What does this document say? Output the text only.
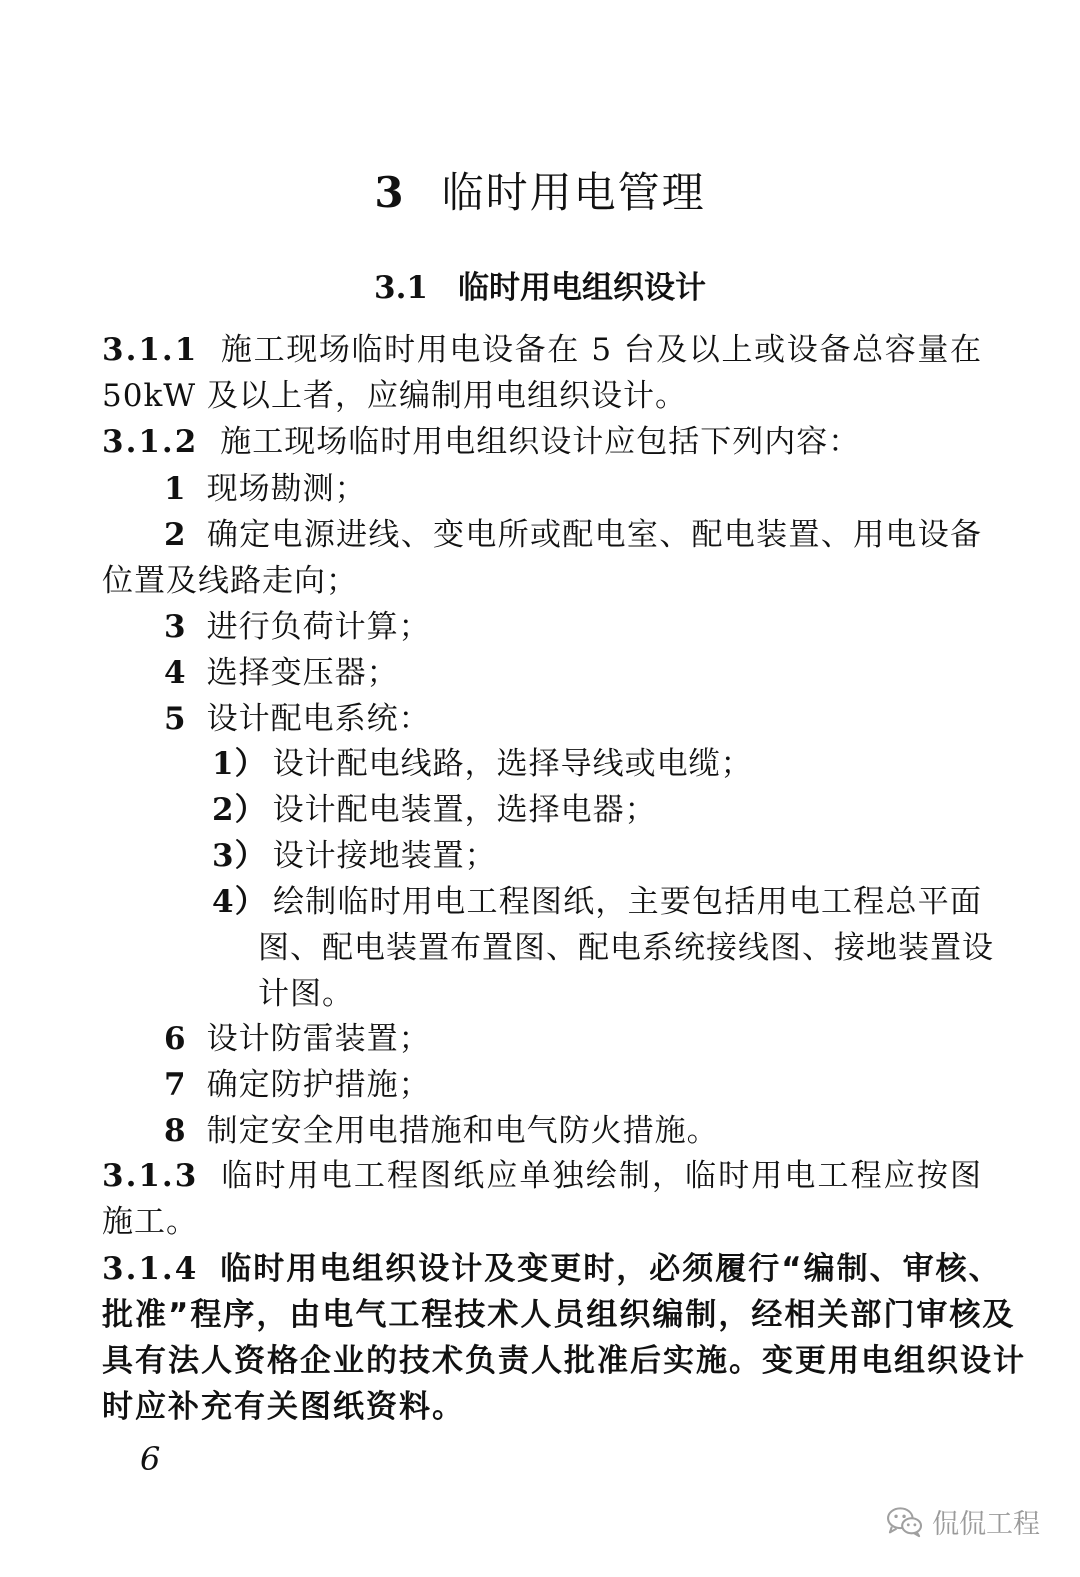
3 临时用电管理
3.1 临时用电组织设计
3.1.1 施工现场临时用电设备在 5 台及以上或设备总容量在
50kW 及以上者，应编制用电组织设计。
3.1.2 施工现场临时用电组织设计应包括下列内容：
1 现场勘测；
2 确定电源进线、变电所或配电室、配电装置、用电设备
位置及线路走向；
3 进行负荷计算；
4 选择变压器；
5 设计配电系统：
1） 设计配电线路，选择导线或电缆；
2） 设计配电装置，选择电器；
3） 设计接地装置；
4） 绘制临时用电工程图纸，主要包括用电工程总平面
图、配电装置布置图、配电系统接线图、接地装置设
计图。
6 设计防雷装置；
7 确定防护措施；
8 制定安全用电措施和电气防火措施。
3.1.3 临时用电工程图纸应单独绘制，临时用电工程应按图
施工。
3.1.4 临时用电组织设计及变更时，必须履行“编制、审核、
批准”程序，由电气工程技术人员组织编制，经相关部门审核及
具有法人资格企业的技术负责人批准后实施。变更用电组织设计
时应补充有关图纸资料。
6
侃侃工程
